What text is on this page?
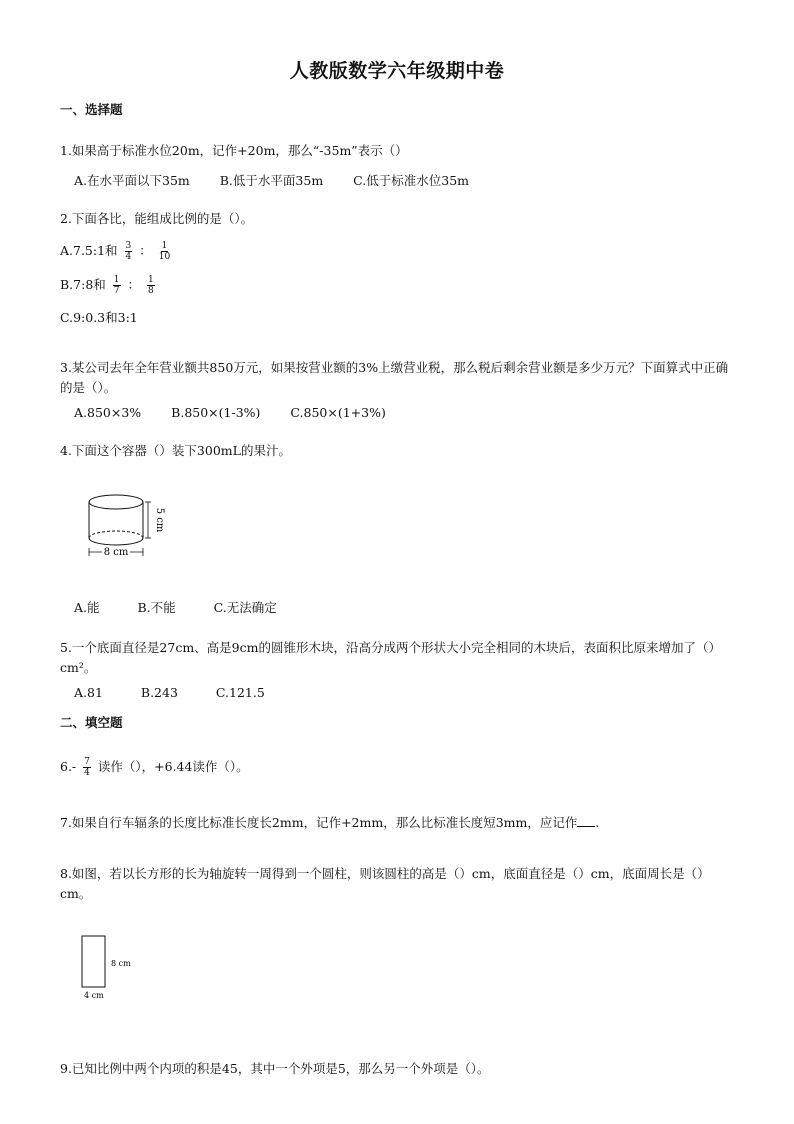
人教版数学六年级期中卷
一、选择题
1.如果高于标准水位20m，记作+20m，那么“-35m”表示（）
A.在水平面以下35m B.低于水平面35m C.低于标准水位35m
2.下面各比，能组成比例的是（）。
A.7.5:1和 $\frac{3}{4}$ ： $\frac{1}{10}$
B.7:8和 $\frac{1}{7}$ ： $\frac{1}{8}$
C.9:0.3和3:1
3.某公司去年全年营业额共850万元，如果按营业额的3%上缴营业税，那么税后剩余营业额是多少万元？下面算式中正确的是（）。
A.850×3% B.850×(1-3%) C.850×(1+3%)
4.下面这个容器（）装下300mL的果汁。
5 cm
8 cm
A.能	B.不能	C.无法确定
5.一个底面直径是27cm、高是9cm的圆锥形木块，沿高分成两个形状大小完全相同的木块后，表面积比原来增加了（）cm²。
A.81	B.243	C.121.5
二、填空题
$6.- \frac{7}{4}$ 读作（），+6.44读作（）。
7.如果自行车辐条的长度比标准长度长2mm，记作+2mm，那么比标准长度短3mm，应记作 .
8.如图，若以长方形的长为轴旋转一周得到一个圆柱，则该圆柱的高是（）cm，底面直径是（）cm，底面周长是（）cm。
8 cm
4 cm
9.已知比例中两个内项的积是45，其中一个外项是5，那么另一个外项是（）。
